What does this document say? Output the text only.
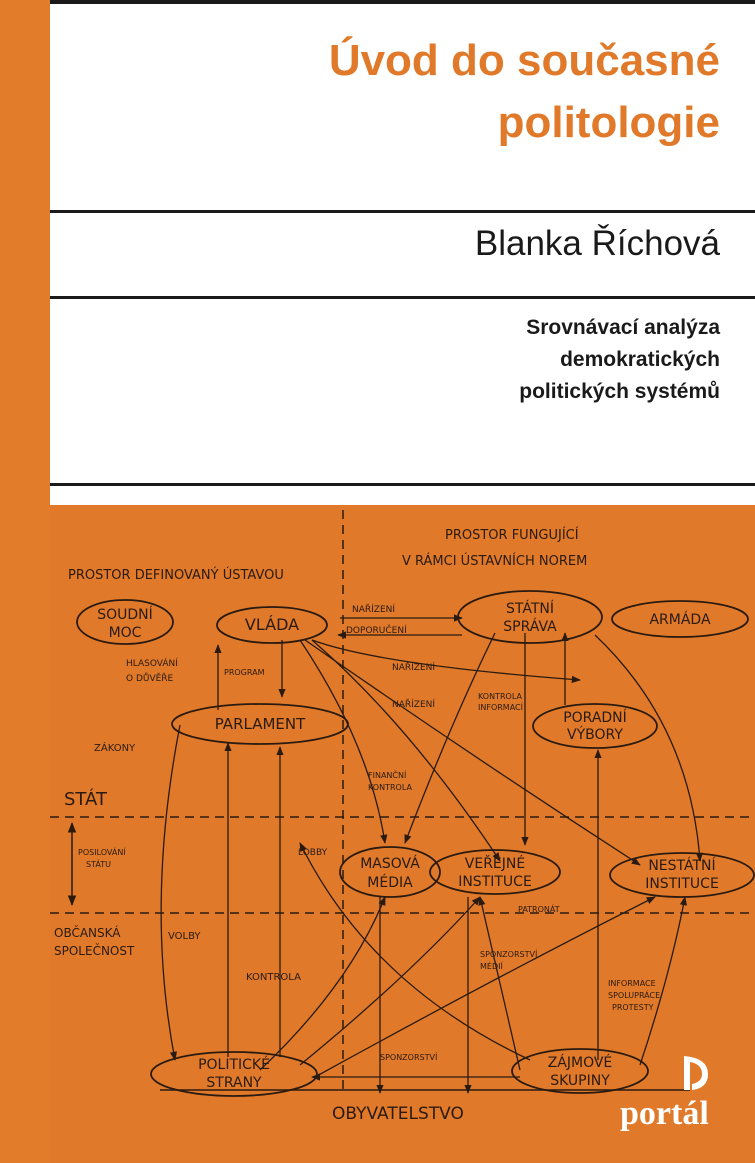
Úvod do současné
politologie
Blanka Říchová
Srovnávací analýza
demokratických
politických systémů
PROSTOR DEFINOVANÝ ÚSTAVOU
PROSTOR FUNGUJÍCÍ
V RÁMCI ÚSTAVNÍCH NOREM
STÁT
OBČANSKÁ
SPOLEČNOST
OBYVATELSTVO
SOUDNÍ
MOC	VLÁDA
STÁTNÍ
SPRÁVA	ARMÁDA
PARLAMENT	PORADNÍ
VÝBORY
MASOVÁ
MÉDIA
VEŘEJNÉ
INSTITUCE
NESTÁTNÍ
INSTITUCE
POLITICKÉ
STRANY
ZÁJMOVÉ
SKUPINY
NAŘÍZENÍ
DOPORUČENÍ
NAŘÍZENÍ
NAŘÍZENÍ
HLASOVÁNÍ
O DŮVĚŘE
PROGRAM
KONTROLA
INFORMACÍ
ZÁKONY
FINANČNÍ
KONTROLA
POSILOVÁNÍ
STÁTU
LOBBY
PATRONÁT
VOLBY
SPONZORSTVÍ
MÉDIÍ
KONTROLA
INFORMACE
SPOLUPRÁCE
PROTESTY
SPONZORSTVÍ
portál
